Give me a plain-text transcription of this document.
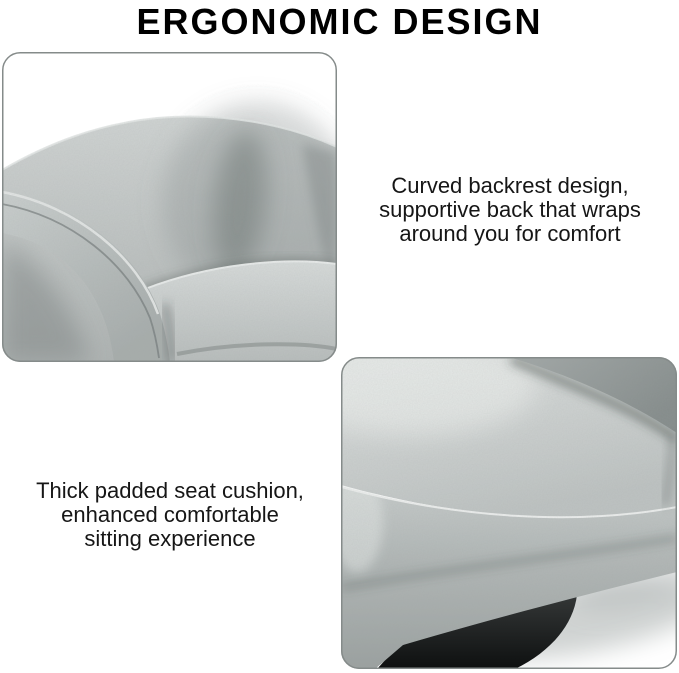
ERGONOMIC DESIGN
Curved backrest design,
supportive back that wraps
around you for comfort
Thick padded seat cushion,
enhanced comfortable
sitting experience
